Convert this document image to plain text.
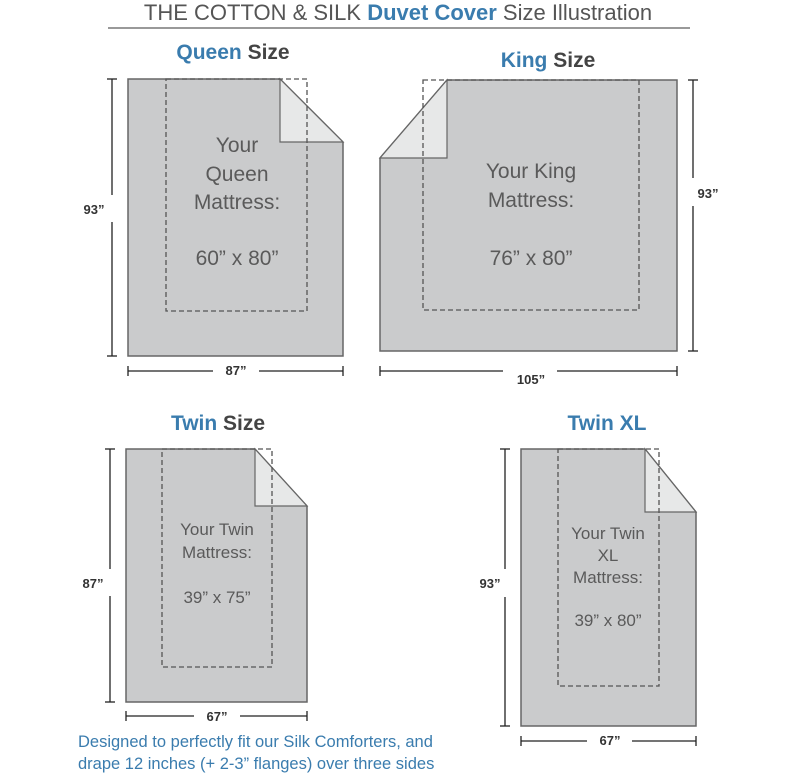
THE COTTON & SILK Duvet Cover Size Illustration
Queen Size
Your
Queen
Mattress:
60” x 80”
93”
87”
King Size
Your King
Mattress:
76” x 80”
93”
105”
Twin Size
Your Twin
Mattress:
39” x 75”
87”
67”
Twin XL
Your Twin
XL
Mattress:
39” x 80”
93”
67”
Designed to perfectly fit our Silk Comforters, and
drape 12 inches (+ 2-3” flanges) over three sides
